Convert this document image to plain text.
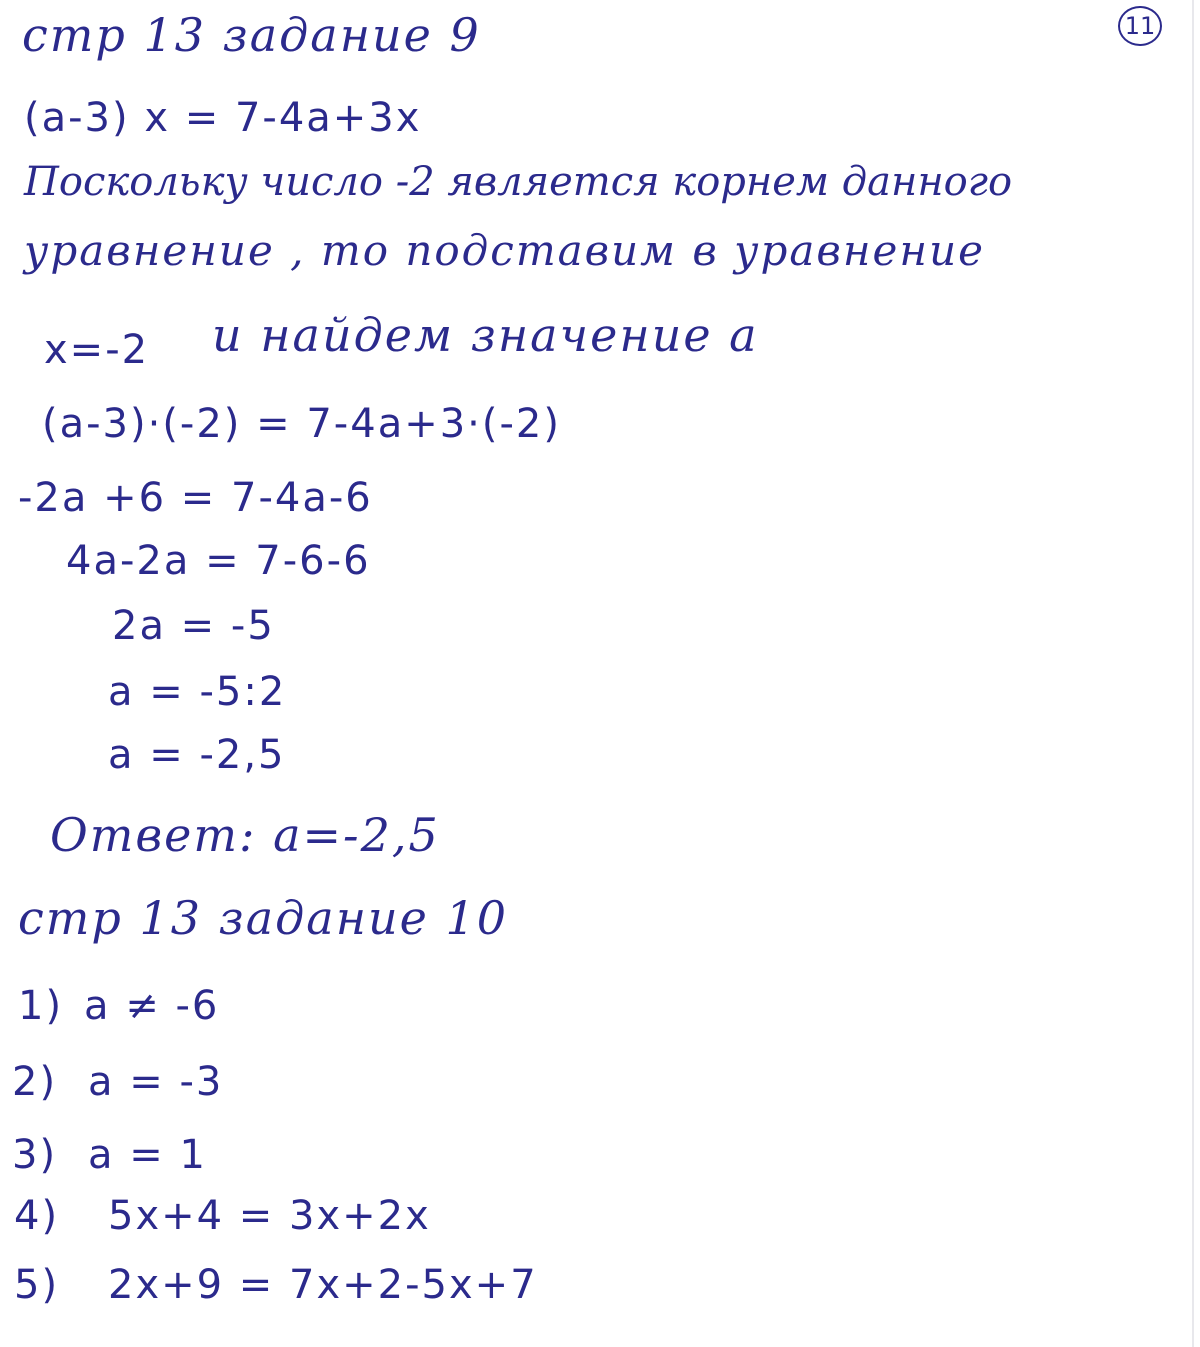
11
стр 13 задание 9
(a-3) x = 7-4a+3x
Поскольку число -2 является корнем данного
уравнение , то подставим в уравнение
x=-2 и найдем значение a
(a-3)·(-2) = 7-4a+3·(-2)
-2a +6 = 7-4a-6
4a-2a = 7-6-6
2a = -5
a = -5:2
a = -2,5
Ответ: a=-2,5
стр 13 задание 10
1) a ≠ -6
2) a = -3
3) a = 1
4) 5x+4 = 3x+2x
5) 2x+9 = 7x+2-5x+7
